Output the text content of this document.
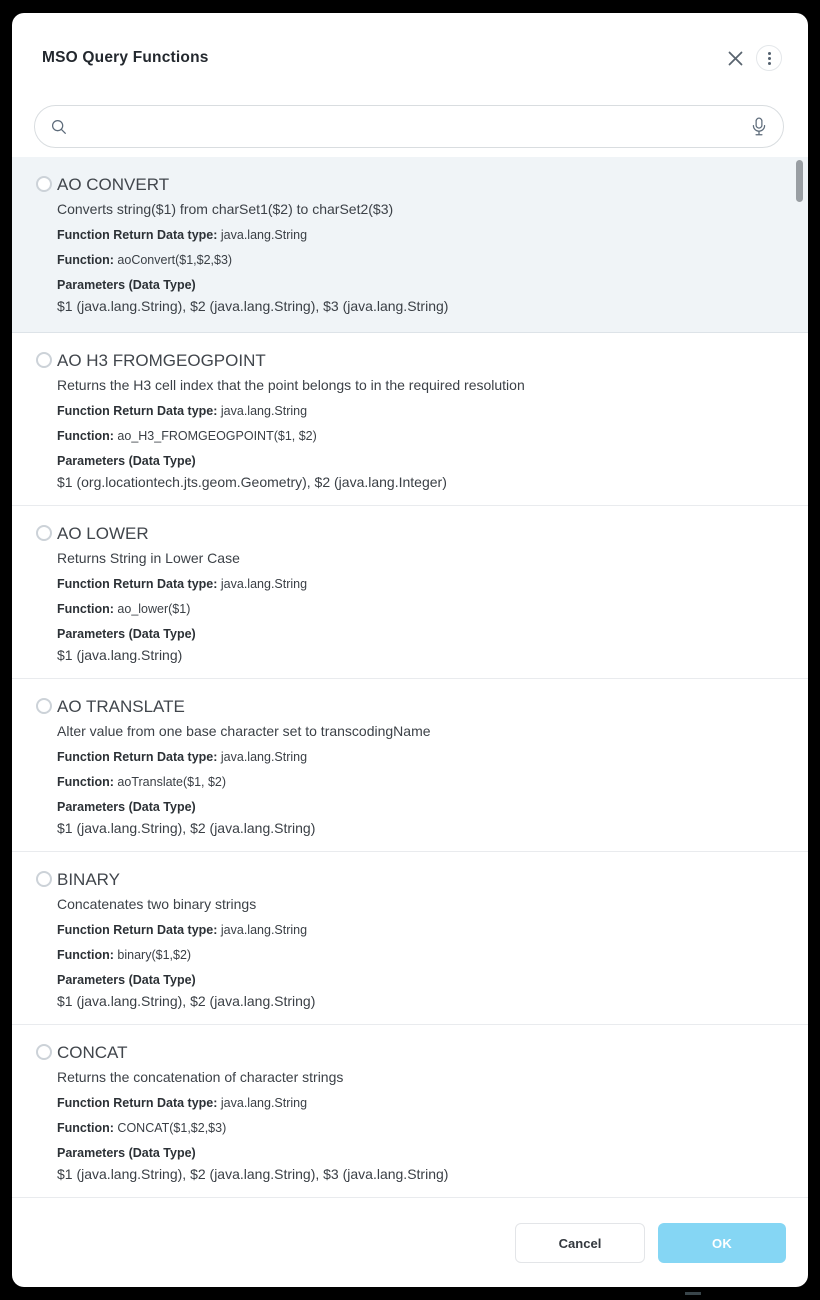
MSO Query Functions
AO CONVERT
Converts string($1) from charSet1($2) to charSet2($3)
Function Return Data type: java.lang.String
Function: aoConvert($1,$2,$3)
Parameters (Data Type)
$1 (java.lang.String), $2 (java.lang.String), $3 (java.lang.String)
AO H3 FROMGEOGPOINT
Returns the H3 cell index that the point belongs to in the required resolution
Function Return Data type: java.lang.String
Function: ao_H3_FROMGEOGPOINT($1, $2)
Parameters (Data Type)
$1 (org.locationtech.jts.geom.Geometry), $2 (java.lang.Integer)
AO LOWER
Returns String in Lower Case
Function Return Data type: java.lang.String
Function: ao_lower($1)
Parameters (Data Type)
$1 (java.lang.String)
AO TRANSLATE
Alter value from one base character set to transcodingName
Function Return Data type: java.lang.String
Function: aoTranslate($1, $2)
Parameters (Data Type)
$1 (java.lang.String), $2 (java.lang.String)
BINARY
Concatenates two binary strings
Function Return Data type: java.lang.String
Function: binary($1,$2)
Parameters (Data Type)
$1 (java.lang.String), $2 (java.lang.String)
CONCAT
Returns the concatenation of character strings
Function Return Data type: java.lang.String
Function: CONCAT($1,$2,$3)
Parameters (Data Type)
$1 (java.lang.String), $2 (java.lang.String), $3 (java.lang.String)
Cancel	OK
